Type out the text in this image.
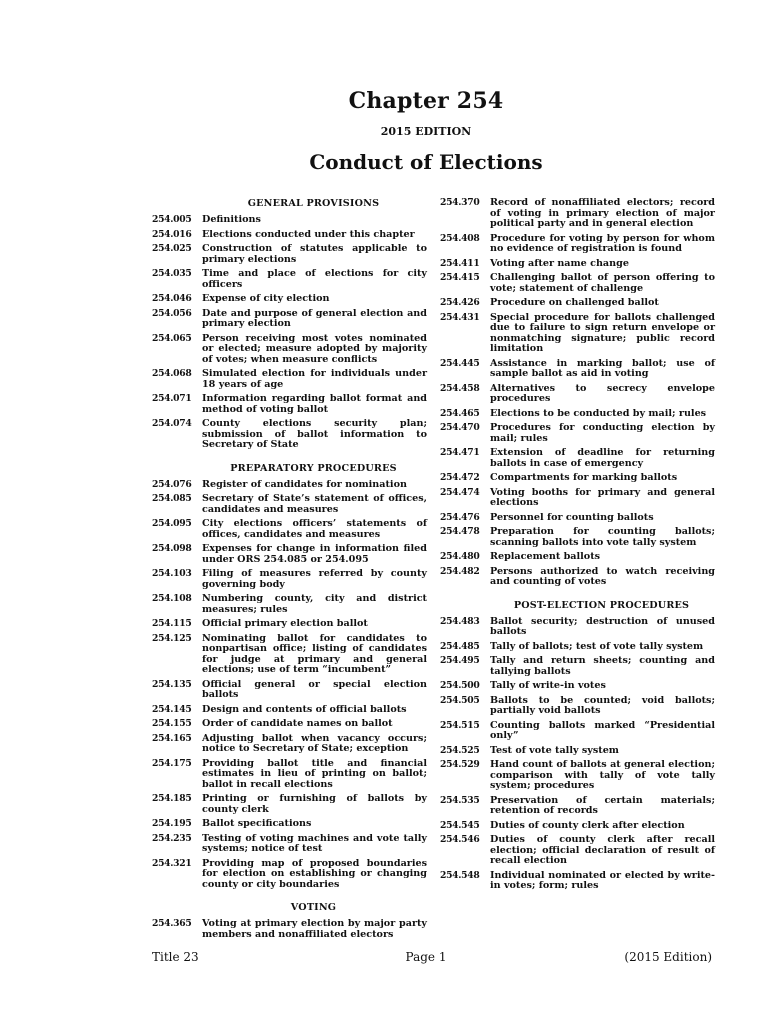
Chapter 254
2015 EDITION
Conduct of Elections
GENERAL PROVISIONS
254.005	Definitions
254.016	Elections conducted under this chapter
254.025	Construction of statutes applicable to primary elections
254.035	Time and place of elections for city officers
254.046	Expense of city election
254.056	Date and purpose of general election and primary election
254.065	Person receiving most votes nominated or elected; measure adopted by majority of votes; when measure conflicts
254.068	Simulated election for individuals under 18 years of age
254.071	Information regarding ballot format and method of voting ballot
254.074	County elections security plan; submission of ballot information to Secretary of State
PREPARATORY PROCEDURES
254.076	Register of candidates for nomination
254.085	Secretary of State’s statement of offices, candidates and measures
254.095	City elections officers’ statements of offices, candidates and measures
254.098	Expenses for change in information filed under ORS 254.085 or 254.095
254.103	Filing of measures referred by county governing body
254.108	Numbering county, city and district measures; rules
254.115	Official primary election ballot
254.125	Nominating ballot for candidates to nonpartisan office; listing of candidates for judge at primary and general elections; use of term “incumbent”
254.135	Official general or special election ballots
254.145	Design and contents of official ballots
254.155	Order of candidate names on ballot
254.165	Adjusting ballot when vacancy occurs; notice to Secretary of State; exception
254.175	Providing ballot title and financial estimates in lieu of printing on ballot; ballot in recall elections
254.185	Printing or furnishing of ballots by county clerk
254.195	Ballot specifications
254.235	Testing of voting machines and vote tally systems; notice of test
254.321	Providing map of proposed boundaries for election on establishing or changing county or city boundaries
VOTING
254.365	Voting at primary election by major party members and nonaffiliated electors
254.370	Record of nonaffiliated electors; record of voting in primary election of major political party and in general election
254.408	Procedure for voting by person for whom no evidence of registration is found
254.411	Voting after name change
254.415	Challenging ballot of person offering to vote; statement of challenge
254.426	Procedure on challenged ballot
254.431	Special procedure for ballots challenged due to failure to sign return envelope or nonmatching signature; public record limitation
254.445	Assistance in marking ballot; use of sample ballot as aid in voting
254.458	Alternatives to secrecy envelope procedures
254.465	Elections to be conducted by mail; rules
254.470	Procedures for conducting election by mail; rules
254.471	Extension of deadline for returning ballots in case of emergency
254.472	Compartments for marking ballots
254.474	Voting booths for primary and general elections
254.476	Personnel for counting ballots
254.478	Preparation for counting ballots; scanning ballots into vote tally system
254.480	Replacement ballots
254.482	Persons authorized to watch receiving and counting of votes
POST-ELECTION PROCEDURES
254.483	Ballot security; destruction of unused ballots
254.485	Tally of ballots; test of vote tally system
254.495	Tally and return sheets; counting and tallying ballots
254.500	Tally of write-in votes
254.505	Ballots to be counted; void ballots; partially void ballots
254.515	Counting ballots marked “Presidential only”
254.525	Test of vote tally system
254.529	Hand count of ballots at general election; comparison with tally of vote tally system; procedures
254.535	Preservation of certain materials; retention of records
254.545	Duties of county clerk after election
254.546	Duties of county clerk after recall election; official declaration of result of recall election
254.548	Individual nominated or elected by write-in votes; form; rules
Title 23	Page 1	(2015 Edition)
